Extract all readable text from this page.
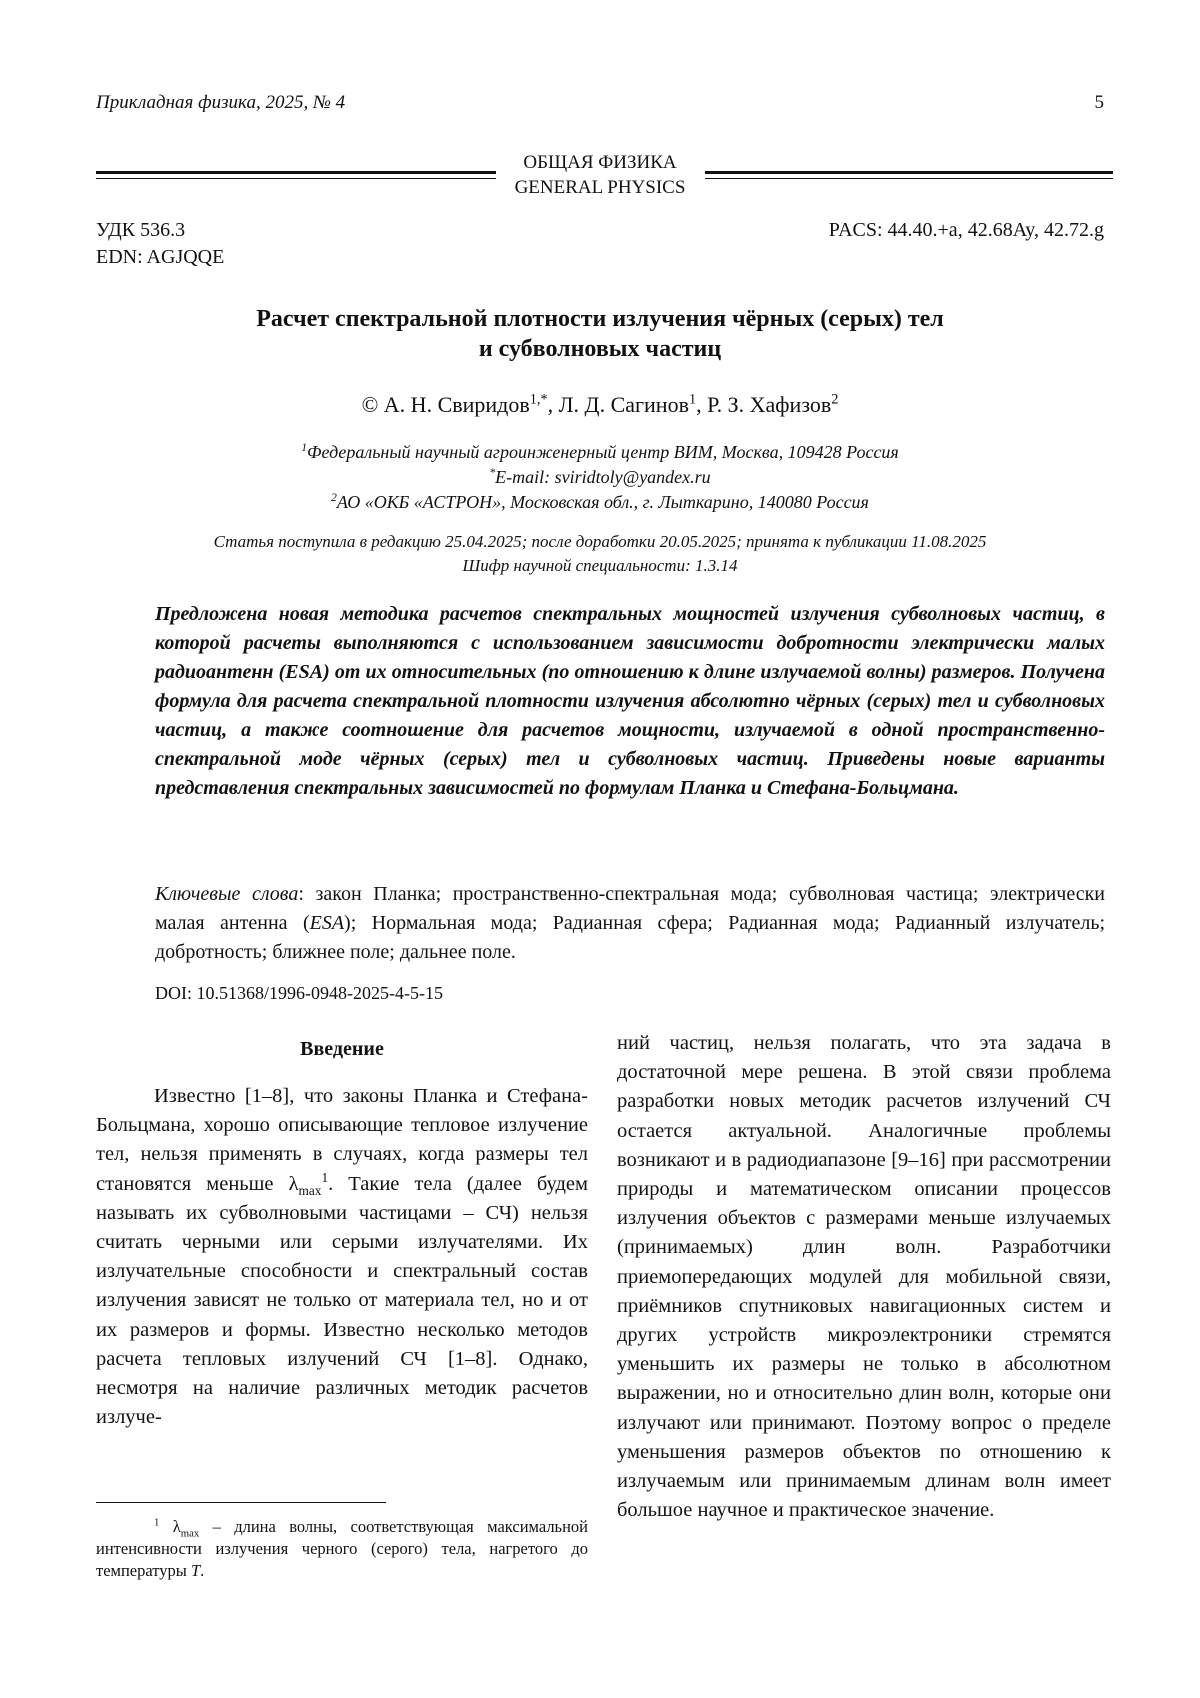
Прикладная физика, 2025, № 4	5
ОБЩАЯ ФИЗИКА
GENERAL PHYSICS
УДК 536.3
EDN: AGJQQE
PACS: 44.40.+a, 42.68Ay, 42.72.g
Расчет спектральной плотности излучения чёрных (серых) тел
и субволновых частиц
© А. Н. Свиридов1,*, Л. Д. Сагинов1, Р. З. Хафизов2
1Федеральный научный агроинженерный центр ВИМ, Москва, 109428 Россия
*E-mail: sviridtoly@yandex.ru
2АО «ОКБ «АСТРОН», Московская обл., г. Лыткарино, 140080 Россия
Статья поступила в редакцию 25.04.2025; после доработки 20.05.2025; принята к публикации 11.08.2025
Шифр научной специальности: 1.3.14
Предложена новая методика расчетов спектральных мощностей излучения субволновых частиц, в которой расчеты выполняются с использованием зависимости добротности электрически малых радиоантенн (ESA) от их относительных (по отношению к длине излучаемой волны) размеров. Получена формула для расчета спектральной плотности излучения абсолютно чёрных (серых) тел и субволновых частиц, а также соотношение для расчетов мощности, излучаемой в одной пространственно-спектральной моде чёрных (серых) тел и субволновых частиц. Приведены новые варианты представления спектральных зависимостей по формулам Планка и Стефана-Больцмана.
Ключевые слова: закон Планка; пространственно-спектральная мода; субволновая частица; электрически малая антенна (ESA); Нормальная мода; Радианная сфера; Радианная мода; Радианный излучатель; добротность; ближнее поле; дальнее поле.
DOI: 10.51368/1996-0948-2025-4-5-15
Введение
Известно [1–8], что законы Планка и Стефана-Больцмана, хорошо описывающие тепловое излучение тел, нельзя применять в случаях, когда размеры тел становятся меньше λmax1. Такие тела (далее будем называть их субволновыми частицами – СЧ) нельзя считать черными или серыми излучателями. Их излучательные способности и спектральный состав излучения зависят не только от материала тел, но и от их размеров и формы. Известно несколько методов расчета тепловых излучений СЧ [1–8]. Однако, несмотря на наличие различных методик расчетов излуче-
ний частиц, нельзя полагать, что эта задача в достаточной мере решена. В этой связи проблема разработки новых методик расчетов излучений СЧ остается актуальной. Аналогичные проблемы возникают и в радиодиапазоне [9–16] при рассмотрении природы и математическом описании процессов излучения объектов с размерами меньше излучаемых (принимаемых) длин волн. Разработчики приемопередающих модулей для мобильной связи, приёмников спутниковых навигационных систем и других устройств микроэлектроники стремятся уменьшить их размеры не только в абсолютном выражении, но и относительно длин волн, которые они излучают или принимают. Поэтому вопрос о пределе уменьшения размеров объектов по отношению к излучаемым или принимаемым длинам волн имеет большое научное и практическое значение.
1 λmax – длина волны, соответствующая максимальной интенсивности излучения черного (серого) тела, нагретого до температуры T.
